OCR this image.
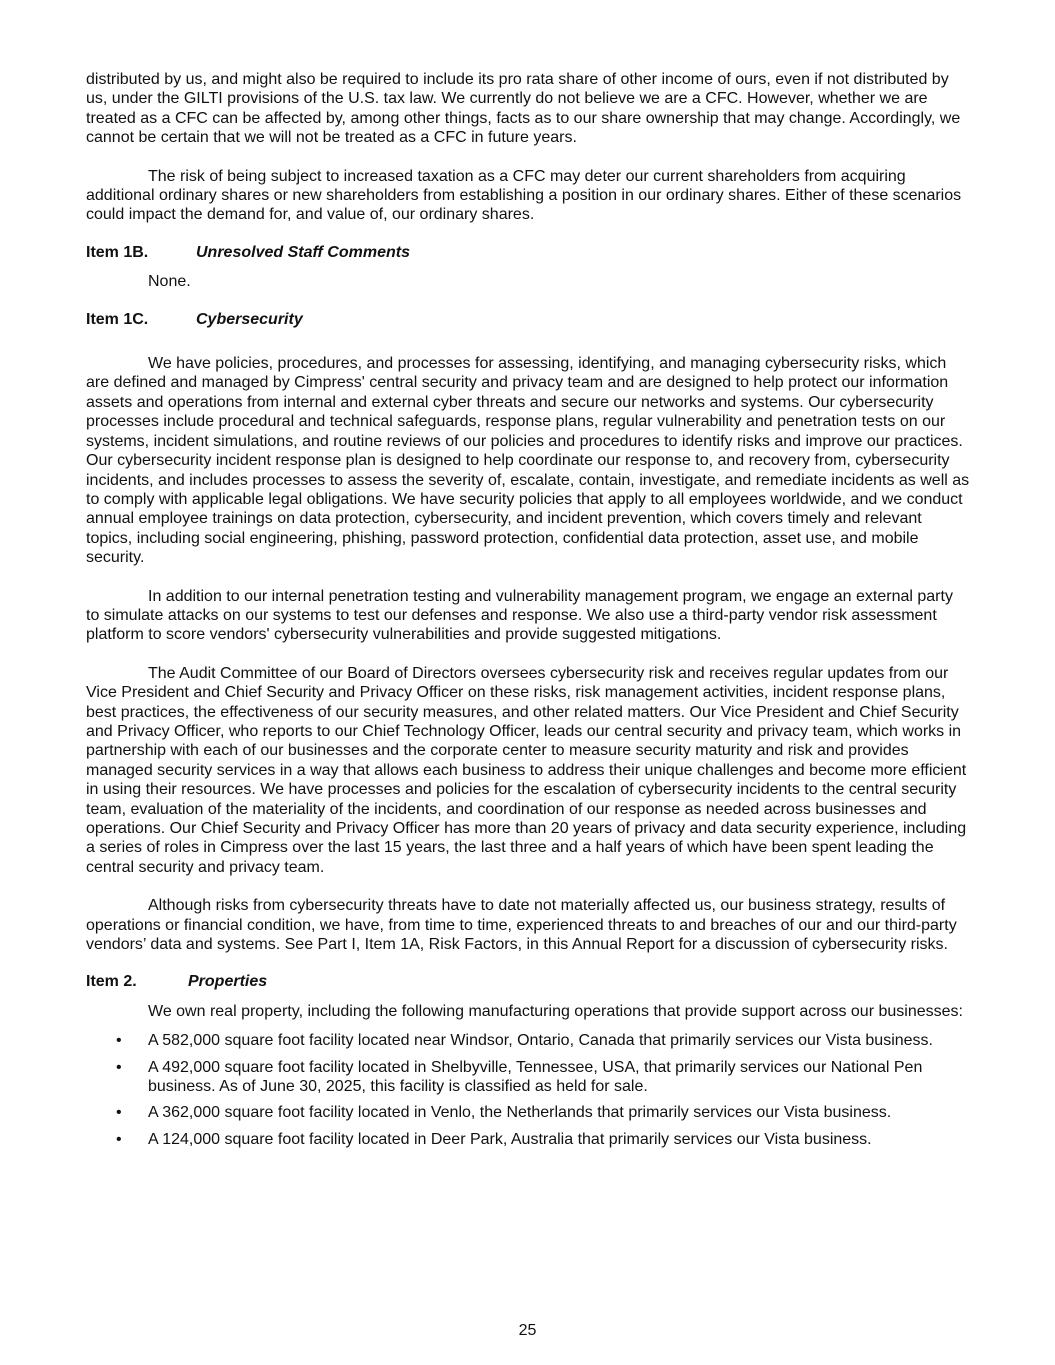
distributed by us, and might also be required to include its pro rata share of other income of ours, even if not distributed by us, under the GILTI provisions of the U.S. tax law. We currently do not believe we are a CFC. However, whether we are treated as a CFC can be affected by, among other things, facts as to our share ownership that may change. Accordingly, we cannot be certain that we will not be treated as a CFC in future years.

The risk of being subject to increased taxation as a CFC may deter our current shareholders from acquiring additional ordinary shares or new shareholders from establishing a position in our ordinary shares. Either of these scenarios could impact the demand for, and value of, our ordinary shares.

Item 1B.	Unresolved Staff Comments

None.

Item 1C.	Cybersecurity

We have policies, procedures, and processes for assessing, identifying, and managing cybersecurity risks, which are defined and managed by Cimpress' central security and privacy team and are designed to help protect our information assets and operations from internal and external cyber threats and secure our networks and systems. Our cybersecurity processes include procedural and technical safeguards, response plans, regular vulnerability and penetration tests on our systems, incident simulations, and routine reviews of our policies and procedures to identify risks and improve our practices. Our cybersecurity incident response plan is designed to help coordinate our response to, and recovery from, cybersecurity incidents, and includes processes to assess the severity of, escalate, contain, investigate, and remediate incidents as well as to comply with applicable legal obligations. We have security policies that apply to all employees worldwide, and we conduct annual employee trainings on data protection, cybersecurity, and incident prevention, which covers timely and relevant topics, including social engineering, phishing, password protection, confidential data protection, asset use, and mobile security.

In addition to our internal penetration testing and vulnerability management program, we engage an external party to simulate attacks on our systems to test our defenses and response. We also use a third-party vendor risk assessment platform to score vendors' cybersecurity vulnerabilities and provide suggested mitigations.

The Audit Committee of our Board of Directors oversees cybersecurity risk and receives regular updates from our Vice President and Chief Security and Privacy Officer on these risks, risk management activities, incident response plans, best practices, the effectiveness of our security measures, and other related matters. Our Vice President and Chief Security and Privacy Officer, who reports to our Chief Technology Officer, leads our central security and privacy team, which works in partnership with each of our businesses and the corporate center to measure security maturity and risk and provides managed security services in a way that allows each business to address their unique challenges and become more efficient in using their resources. We have processes and policies for the escalation of cybersecurity incidents to the central security team, evaluation of the materiality of the incidents, and coordination of our response as needed across businesses and operations. Our Chief Security and Privacy Officer has more than 20 years of privacy and data security experience, including a series of roles in Cimpress over the last 15 years, the last three and a half years of which have been spent leading the central security and privacy team.

Although risks from cybersecurity threats have to date not materially affected us, our business strategy, results of operations or financial condition, we have, from time to time, experienced threats to and breaches of our and our third-party vendors’ data and systems. See Part I, Item 1A, Risk Factors, in this Annual Report for a discussion of cybersecurity risks.

Item 2.	Properties

We own real property, including the following manufacturing operations that provide support across our businesses:

• A 582,000 square foot facility located near Windsor, Ontario, Canada that primarily services our Vista business.
• A 492,000 square foot facility located in Shelbyville, Tennessee, USA, that primarily services our National Pen business. As of June 30, 2025, this facility is classified as held for sale.
• A 362,000 square foot facility located in Venlo, the Netherlands that primarily services our Vista business.
• A 124,000 square foot facility located in Deer Park, Australia that primarily services our Vista business.
25
